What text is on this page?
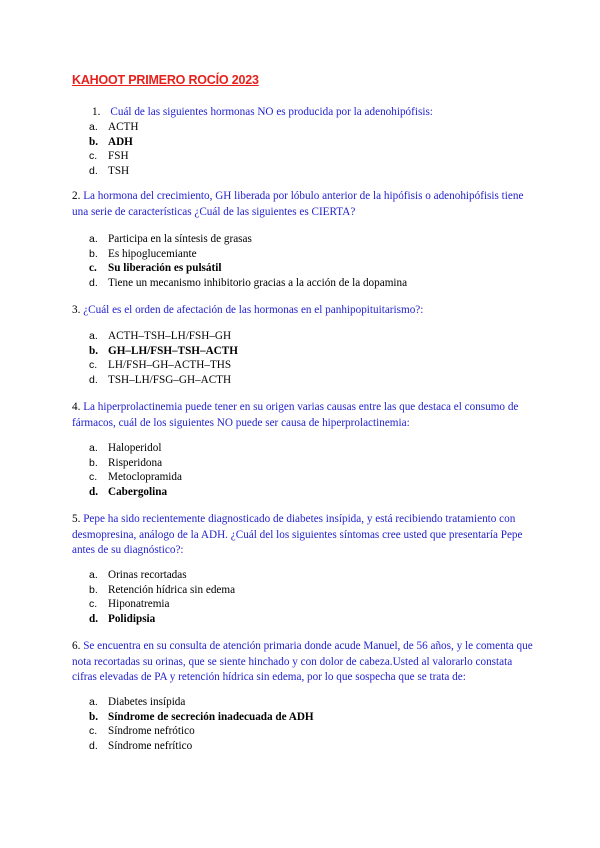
KAHOOT PRIMERO ROCÍO 2023
1. Cuál de las siguientes hormonas NO es producida por la adenohipófisis:
a. ACTH
b. ADH
c. FSH
d. TSH
2. La hormona del crecimiento, GH liberada por lóbulo anterior de la hipófisis o adenohipófisis tiene una serie de características ¿Cuál de las siguientes es CIERTA?
a. Participa en la síntesis de grasas
b. Es hipoglucemiante
c. Su liberación es pulsátil
d. Tiene un mecanismo inhibitorio gracias a la acción de la dopamina
3. ¿Cuál es el orden de afectación de las hormonas en el panhipopituitarismo?:
a. ACTH–TSH–LH/FSH–GH
b. GH–LH/FSH–TSH–ACTH
c. LH/FSH–GH–ACTH–THS
d. TSH–LH/FSG–GH–ACTH
4. La hiperprolactinemia puede tener en su origen varias causas entre las que destaca el consumo de fármacos, cuál de los siguientes NO puede ser causa de hiperprolactinemia:
a. Haloperidol
b. Risperidona
c. Metoclopramida
d. Cabergolina
5. Pepe ha sido recientemente diagnosticado de diabetes insípida, y está recibiendo tratamiento con desmopresina, análogo de la ADH. ¿Cuál del los siguientes síntomas cree usted que presentaría Pepe antes de su diagnóstico?:
a. Orinas recortadas
b. Retención hídrica sin edema
c. Hiponatremia
d. Polidipsia
6. Se encuentra en su consulta de atención primaria donde acude Manuel, de 56 años, y le comenta que nota recortadas su orinas, que se siente hinchado y con dolor de cabeza.Usted al valorarlo constata cifras elevadas de PA y retención hídrica sin edema, por lo que sospecha que se trata de:
a. Diabetes insípida
b. Síndrome de secreción inadecuada de ADH
c. Síndrome nefrótico
d. Síndrome nefrítico
